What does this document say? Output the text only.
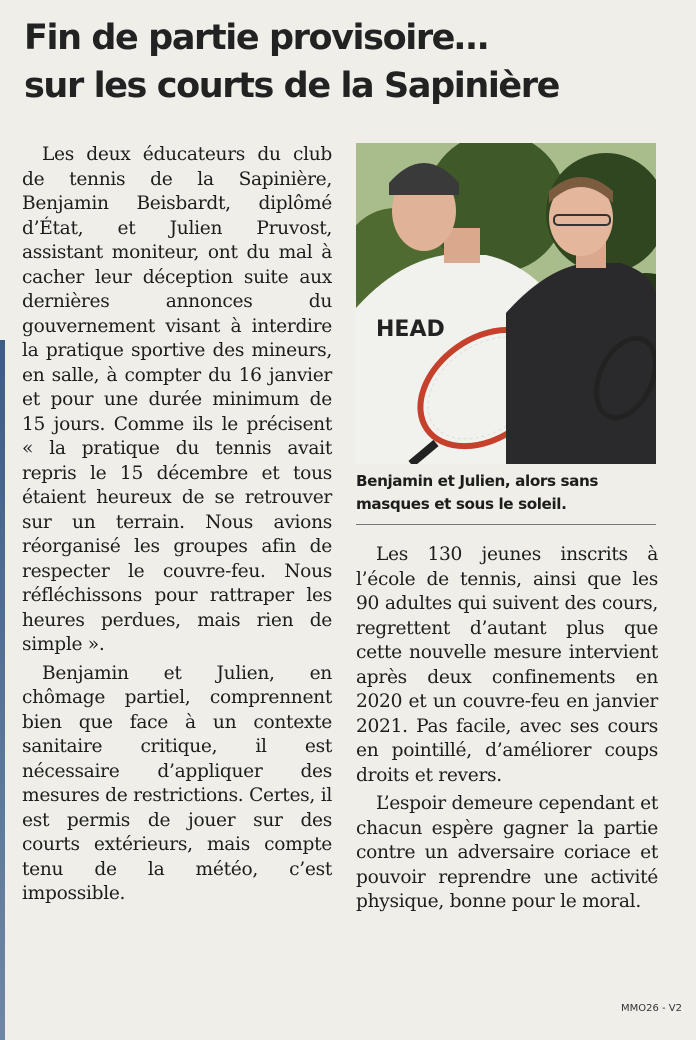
Fin de partie provisoire…
sur les courts de la Sapinière

Les deux éducateurs du club de tennis de la Sapinière, Benjamin Beisbardt, diplômé d’État, et Julien Pruvost, assistant moniteur, ont du mal à cacher leur déception suite aux dernières annonces du gouvernement visant à interdire la pratique sportive des mineurs, en salle, à compter du 16 janvier et pour une durée minimum de 15 jours. Comme ils le précisent « la pratique du tennis avait repris le 15 décembre et tous étaient heureux de se retrouver sur un terrain. Nous avions réorganisé les groupes afin de respecter le couvre-feu. Nous réfléchissons pour rattraper les heures perdues, mais rien de simple ».

Benjamin et Julien, en chômage partiel, comprennent bien que face à un contexte sanitaire critique, il est nécessaire d’appliquer des mesures de restrictions. Certes, il est permis de jouer sur des courts extérieurs, mais compte tenu de la météo, c’est impossible.

HEAD
Benjamin et Julien, alors sans
masques et sous le soleil.

Les 130 jeunes inscrits à l’école de tennis, ainsi que les 90 adultes qui suivent des cours, regrettent d’autant plus que cette nouvelle mesure intervient après deux confinements en 2020 et un couvre-feu en janvier 2021. Pas facile, avec ses cours en pointillé, d’améliorer coups droits et revers.

L’espoir demeure cependant et chacun espère gagner la partie contre un adversaire coriace et pouvoir reprendre une activité physique, bonne pour le moral.

MMO26 - V2
